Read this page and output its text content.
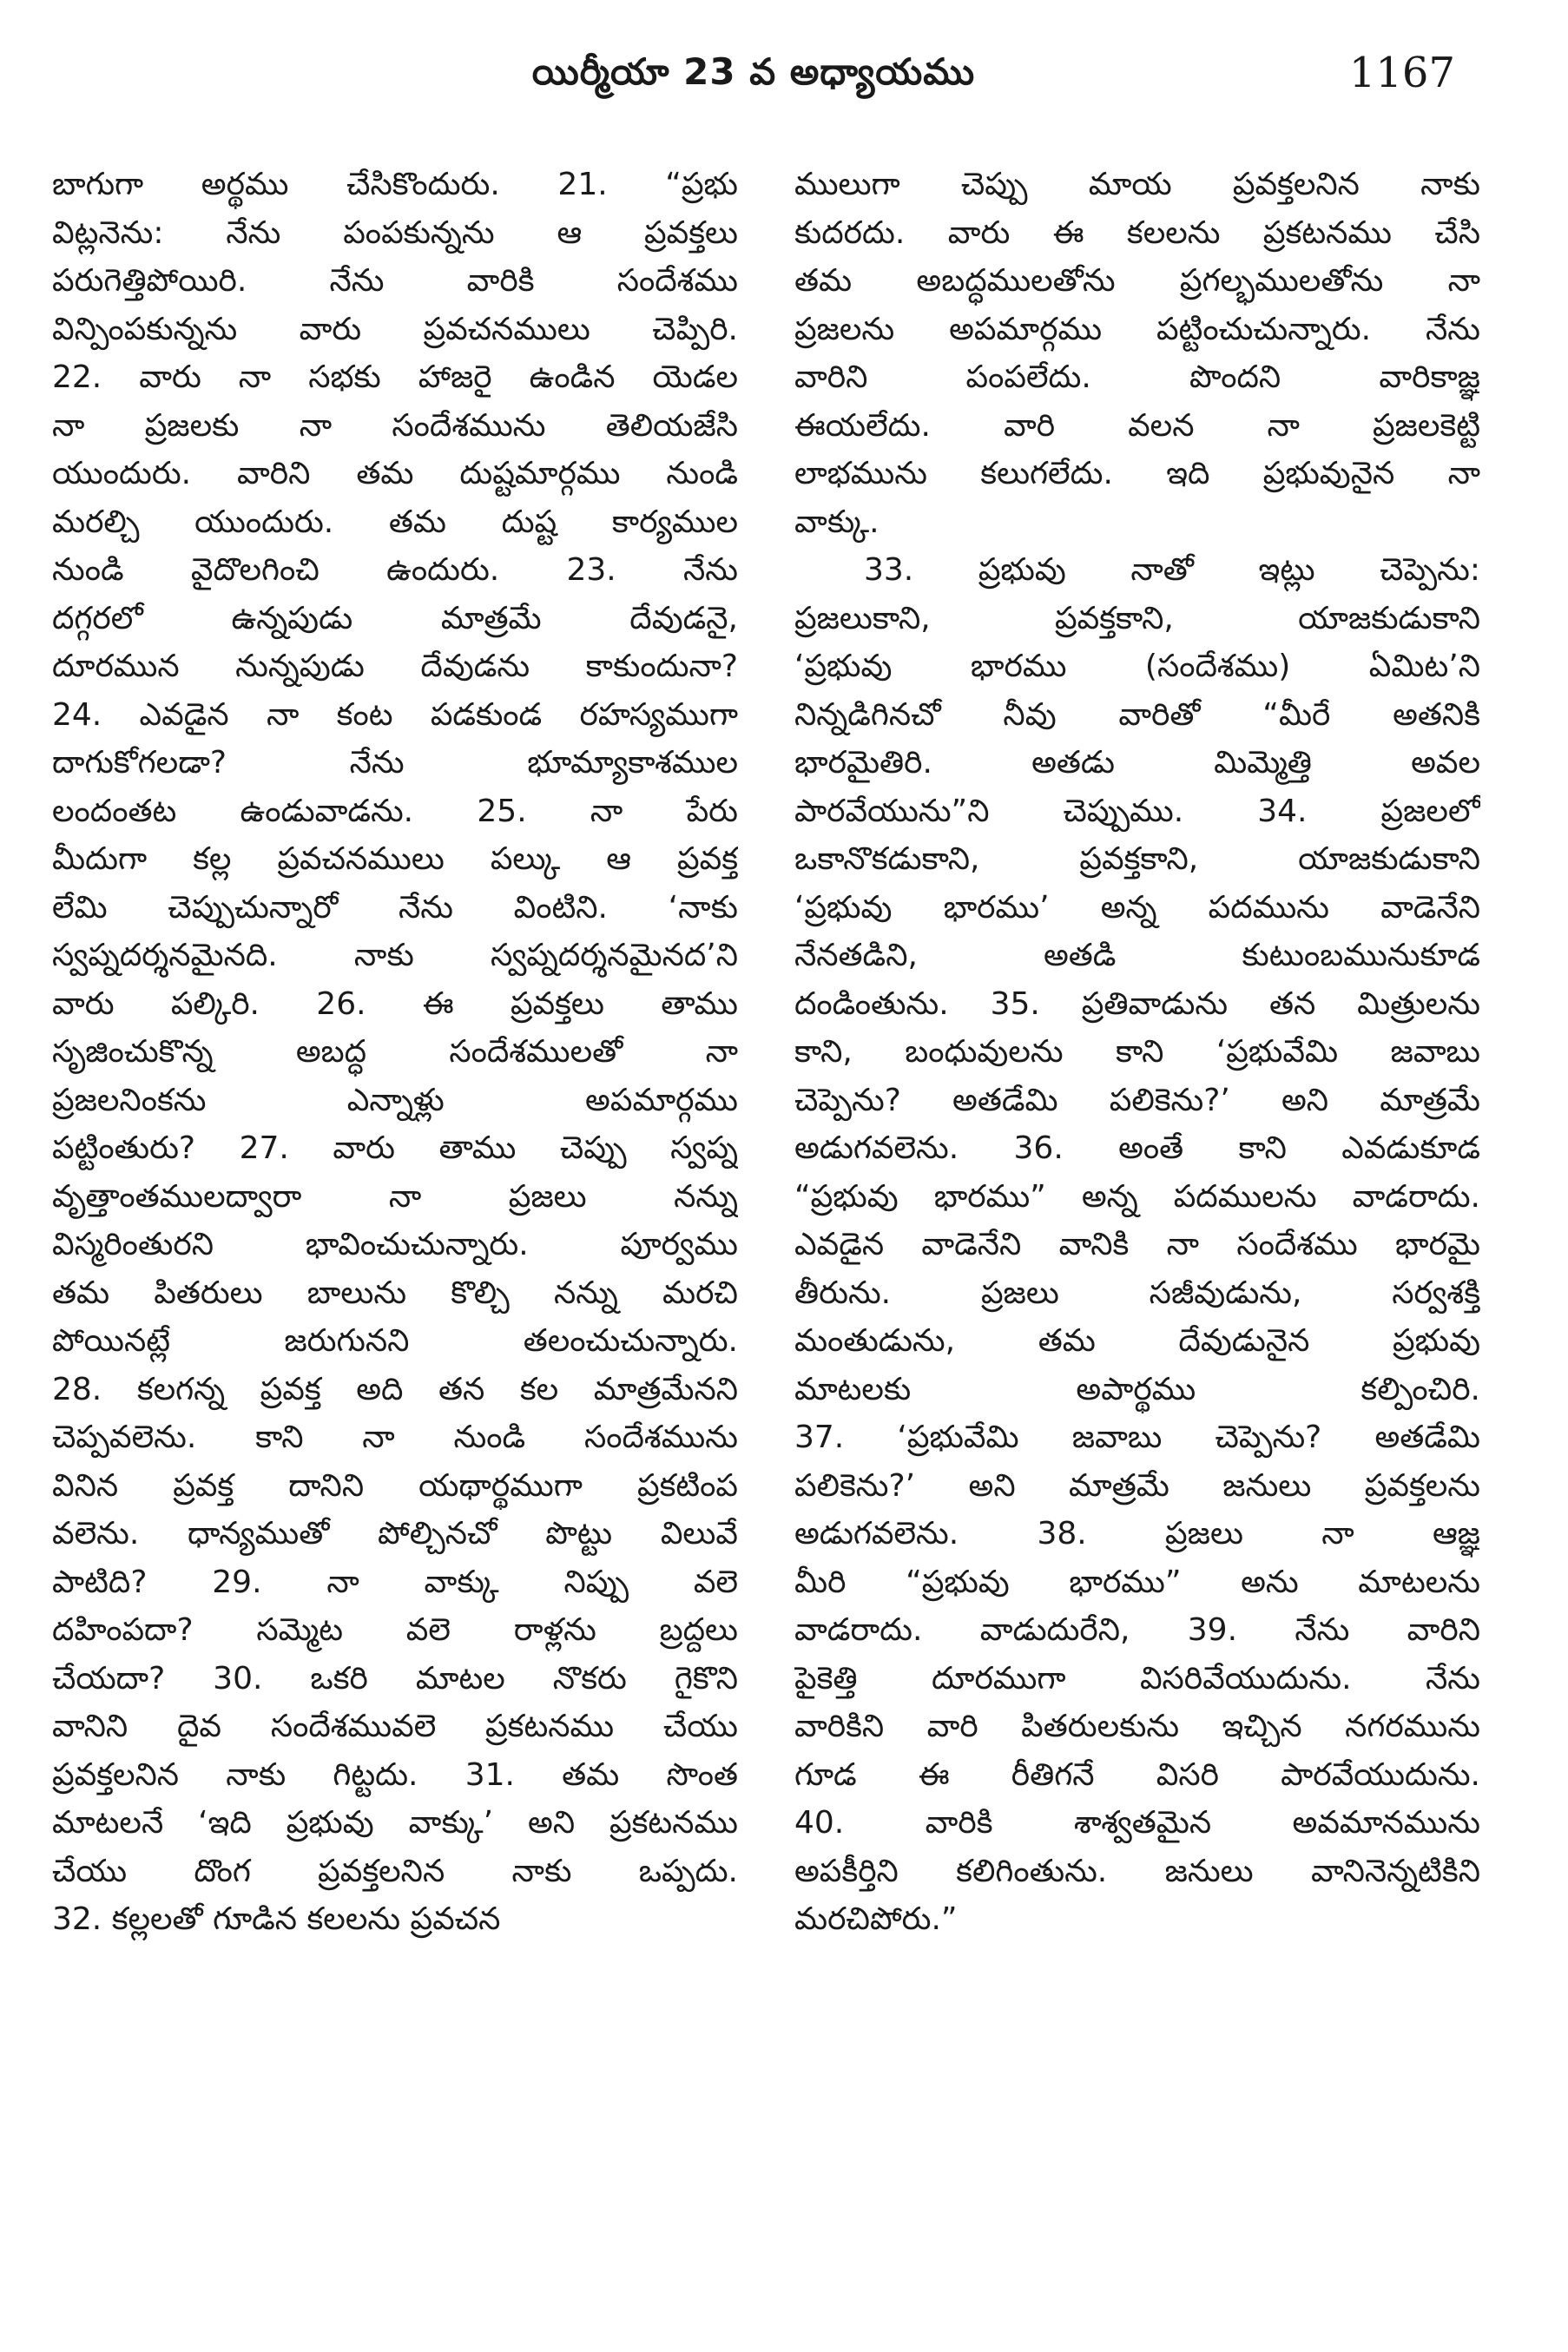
యిర్మీయా 23 వ అధ్యాయము	1167
బాగుగా అర్థము చేసికొందురు. 21. “ప్రభు
విట్లనెను: నేను పంపకున్నను ఆ ప్రవక్తలు
పరుగెత్తిపోయిరి. నేను వారికి సందేశము
విన్పింపకున్నను వారు ప్రవచనములు చెప్పిరి.
22. వారు నా సభకు హాజరై ఉండిన యెడల
నా ప్రజలకు నా సందేశమును తెలియజేసి
యుందురు. వారిని తమ దుష్టమార్గము నుండి
మరల్చి యుందురు. తమ దుష్ట కార్యముల
నుండి వైదొలగించి ఉందురు. 23. నేను
దగ్గరలో ఉన్నపుడు మాత్రమే దేవుడనై,
దూరమున నున్నపుడు దేవుడను కాకుందునా?
24. ఎవడైన నా కంట పడకుండ రహస్యముగా
దాగుకోగలడా? నేను భూమ్యాకాశముల
లందంతట ఉండువాడను. 25. నా పేరు
మీదుగా కల్ల ప్రవచనములు పల్కు ఆ ప్రవక్త
లేమి చెప్పుచున్నారో నేను వింటిని. ‘నాకు
స్వప్నదర్శనమైనది. నాకు స్వప్నదర్శనమైనద’ని
వారు పల్కిరి. 26. ఈ ప్రవక్తలు తాము
సృజించుకొన్న అబద్ధ సందేశములతో నా
ప్రజలనింకను ఎన్నాళ్లు అపమార్గము
పట్టింతురు? 27. వారు తాము చెప్పు స్వప్న
వృత్తాంతములద్వారా నా ప్రజలు నన్ను
విస్మరింతురని భావించుచున్నారు. పూర్వము
తమ పితరులు బాలును కొల్చి నన్ను మరచి
పోయినట్లే జరుగునని తలంచుచున్నారు.
28. కలగన్న ప్రవక్త అది తన కల మాత్రమేనని
చెప్పవలెను. కాని నా నుండి సందేశమును
వినిన ప్రవక్త దానిని యథార్థముగా ప్రకటింప
వలెను. ధాన్యముతో పోల్చినచో పొట్టు విలువే
పాటిది? 29. నా వాక్కు నిప్పు వలె
దహింపదా? సమ్మెట వలె రాళ్లను బ్రద్దలు
చేయదా? 30. ఒకరి మాటల నొకరు గైకొని
వానిని దైవ సందేశమువలె ప్రకటనము చేయు
ప్రవక్తలనిన నాకు గిట్టదు. 31. తమ సొంత
మాటలనే ‘ఇది ప్రభువు వాక్కు’ అని ప్రకటనము
చేయు దొంగ ప్రవక్తలనిన నాకు ఒప్పదు.
32. కల్లలతో గూడిన కలలను ప్రవచన
ములుగా చెప్పు మాయ ప్రవక్తలనిన నాకు
కుదరదు. వారు ఈ కలలను ప్రకటనము చేసి
తమ అబద్ధములతోను ప్రగల్భములతోను నా
ప్రజలను అపమార్గము పట్టించుచున్నారు. నేను
వారిని పంపలేదు. పొందని వారికాజ్ఞ
ఈయలేదు. వారి వలన నా ప్రజలకెట్టి
లాభమును కలుగలేదు. ఇది ప్రభువునైన నా
వాక్కు.
33. ప్రభువు నాతో ఇట్లు చెప్పెను:
ప్రజలుకాని, ప్రవక్తకాని, యాజకుడుకాని
‘ప్రభువు భారము (సందేశము) ఏమిట’ని
నిన్నడిగినచో నీవు వారితో “మీరే అతనికి
భారమైతిరి. అతడు మిమ్మెత్తి అవల
పారవేయును”ని చెప్పుము. 34. ప్రజలలో
ఒకానొకడుకాని, ప్రవక్తకాని, యాజకుడుకాని
‘ప్రభువు భారము’ అన్న పదమును వాడెనేని
నేనతడిని, అతడి కుటుంబమునుకూడ
దండింతును. 35. ప్రతివాడును తన మిత్రులను
కాని, బంధువులను కాని ‘ప్రభువేమి జవాబు
చెప్పెను? అతడేమి పలికెను?’ అని మాత్రమే
అడుగవలెను. 36. అంతే కాని ఎవడుకూడ
“ప్రభువు భారము” అన్న పదములను వాడరాదు.
ఎవడైన వాడెనేని వానికి నా సందేశము భారమై
తీరును. ప్రజలు సజీవుడును, సర్వశక్తి
మంతుడును, తమ దేవుడునైన ప్రభువు
మాటలకు అపార్థము కల్పించిరి.
37. ‘ప్రభువేమి జవాబు చెప్పెను? అతడేమి
పలికెను?’ అని మాత్రమే జనులు ప్రవక్తలను
అడుగవలెను. 38. ప్రజలు నా ఆజ్ఞ
మీరి “ప్రభువు భారము” అను మాటలను
వాడరాదు. వాడుదురేని, 39. నేను వారిని
పైకెత్తి దూరముగా విసరివేయుదును. నేను
వారికిని వారి పితరులకును ఇచ్చిన నగరమును
గూడ ఈ రీతిగనే విసరి పారవేయుదును.
40. వారికి శాశ్వతమైన అవమానమును
అపకీర్తిని కలిగింతును. జనులు వానినెన్నటికిని
మరచిపోరు.”
